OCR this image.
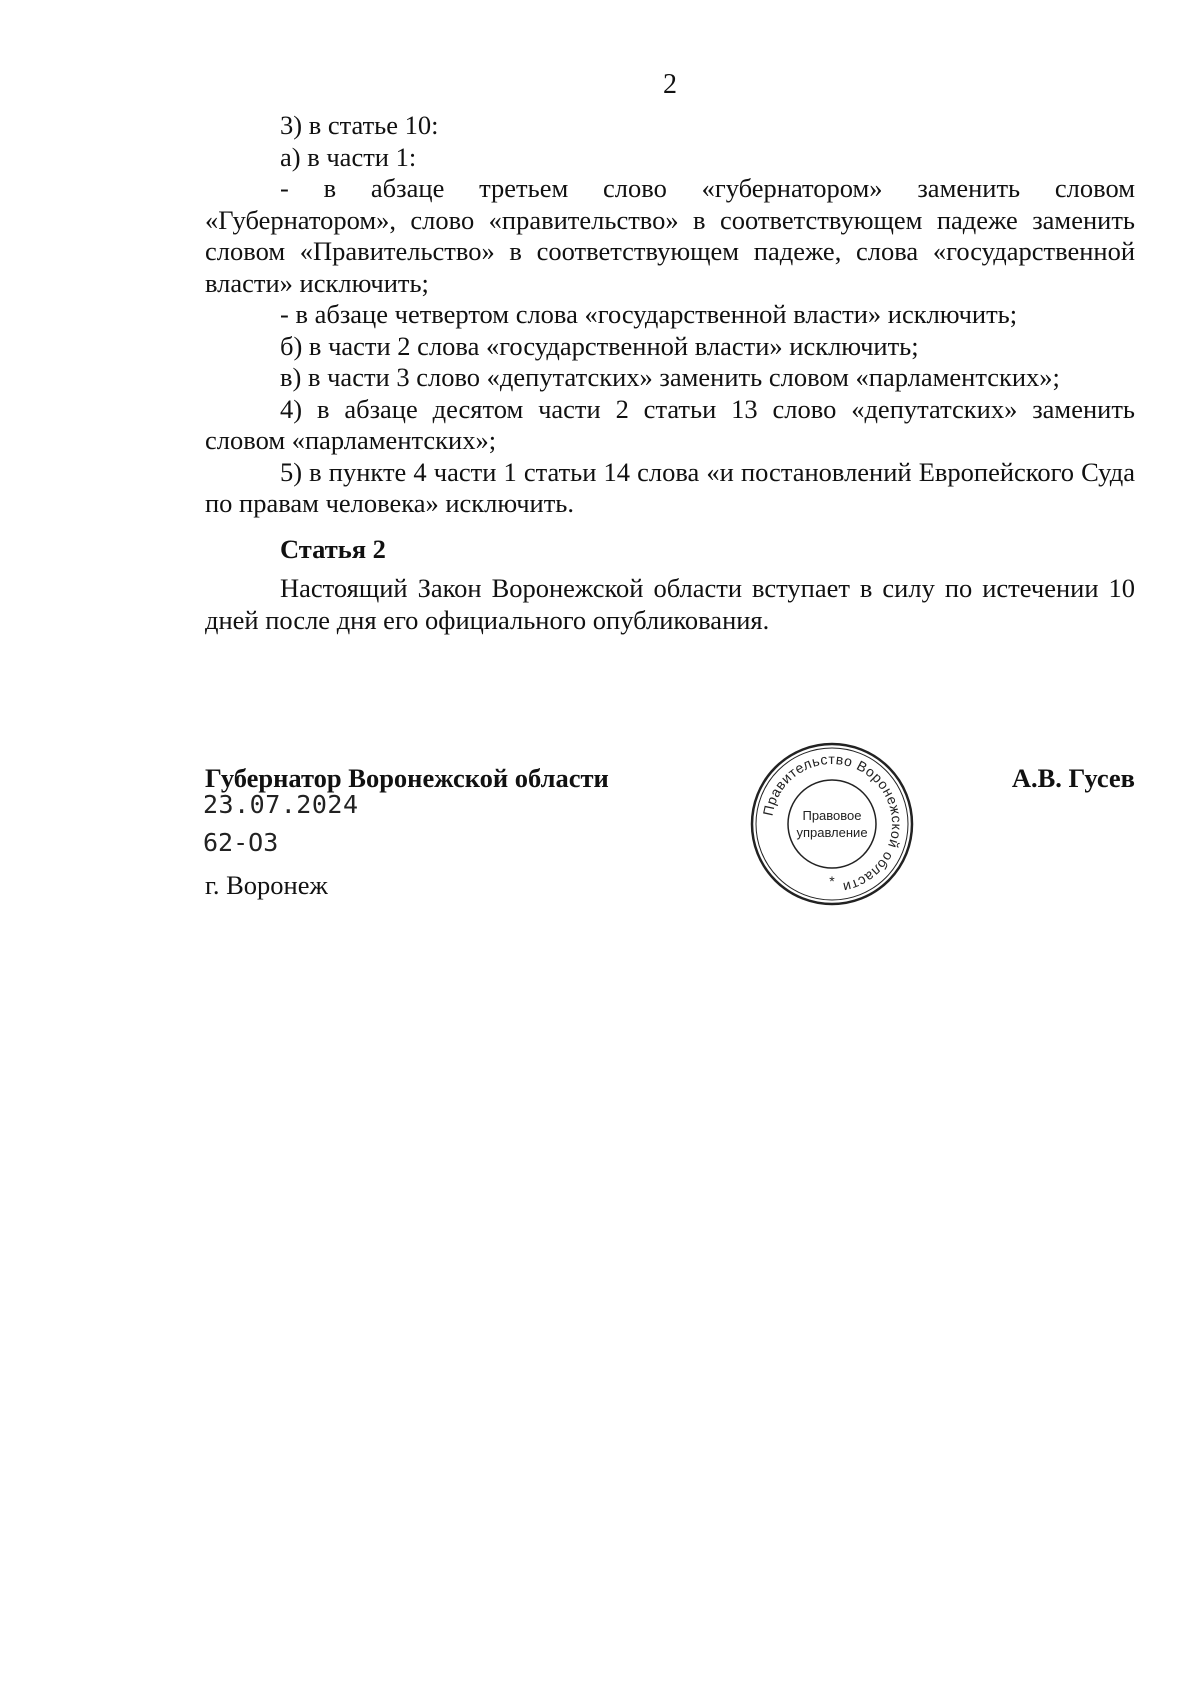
2

3) в статье 10:

а) в части 1:

- в абзаце третьем слово «губернатором» заменить словом «Губернатором», слово «правительство» в соответствующем падеже заменить словом «Правительство» в соответствующем падеже, слова «государственной власти» исключить;

- в абзаце четвертом слова «государственной власти» исключить;

б) в части 2 слова «государственной власти» исключить;

в) в части 3 слово «депутатских» заменить словом «парламентских»;

4) в абзаце десятом части 2 статьи 13 слово «депутатских» заменить словом «парламентских»;

5) в пункте 4 части 1 статьи 14 слова «и постановлений Европейского Суда по правам человека» исключить.

Статья 2

Настоящий Закон Воронежской области вступает в силу по истечении 10 дней после дня его официального опубликования.

Губернатор Воронежской области	А.В. Гусев
23.07.2024
62-ОЗ
г. Воронеж
Правительство Воронежской области
Правовое
управление
*
